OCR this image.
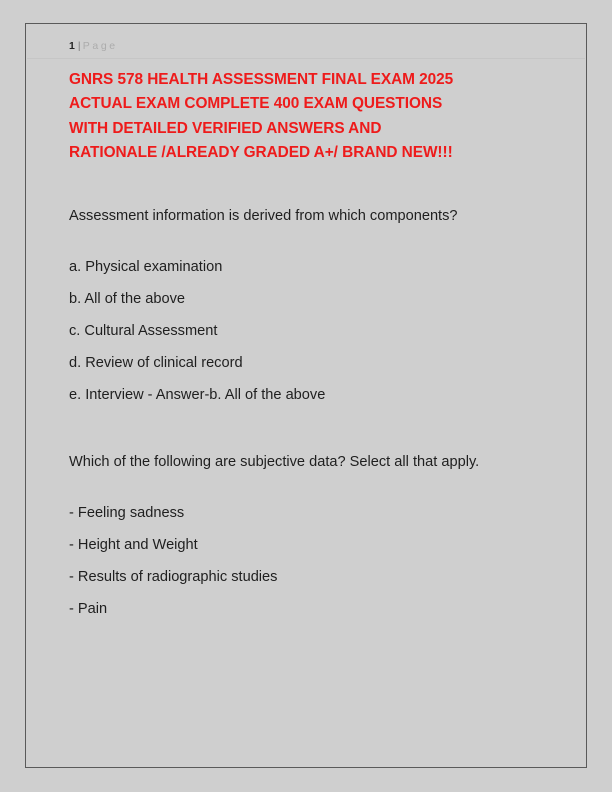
1 | Page
GNRS 578 HEALTH ASSESSMENT FINAL EXAM 2025
ACTUAL EXAM COMPLETE 400 EXAM QUESTIONS
WITH DETAILED VERIFIED ANSWERS AND
RATIONALE /ALREADY GRADED A+/ BRAND NEW!!!

Assessment information is derived from which components?

a. Physical examination
b. All of the above
c. Cultural Assessment
d. Review of clinical record
e. Interview - Answer-b. All of the above

Which of the following are subjective data? Select all that apply.

- Feeling sadness
- Height and Weight
- Results of radiographic studies
- Pain
